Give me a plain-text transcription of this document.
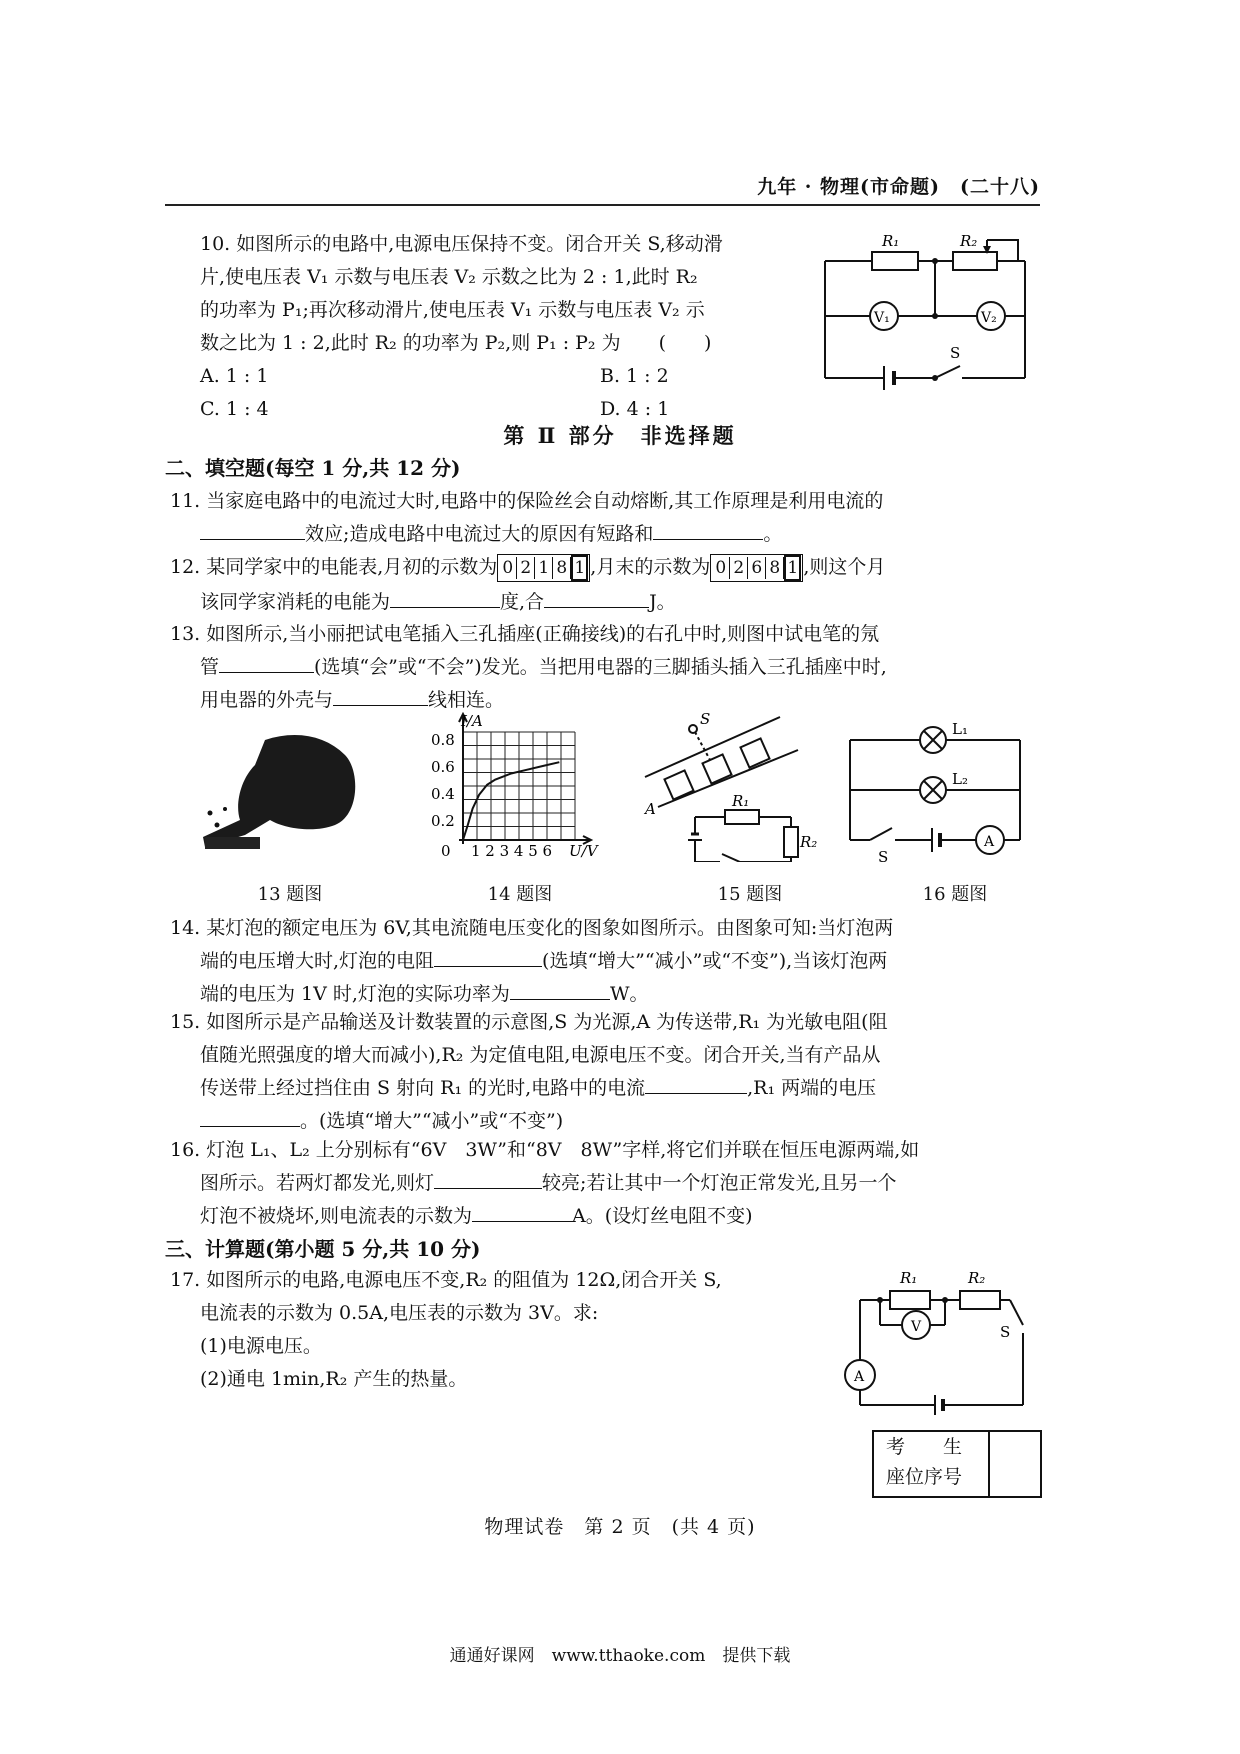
九年 · 物理(市命题)　(二十八)
10. 如图所示的电路中,电源电压保持不变。闭合开关 S,移动滑
片,使电压表 V₁ 示数与电压表 V₂ 示数之比为 2 : 1,此时 R₂
的功率为 P₁;再次移动滑片,使电压表 V₁ 示数与电压表 V₂ 示
数之比为 1 : 2,此时 R₂ 的功率为 P₂,则 P₁ : P₂ 为　　(　　)
A. 1 : 1	B. 1 : 2
C. 1 : 4	D. 4 : 1
R₁	R₂
V₁	V₂
S
第 Ⅱ 部分　非选择题
二、填空题(每空 1 分,共 12 分)
11. 当家庭电路中的电流过大时,电路中的保险丝会自动熔断,其工作原理是利用电流的
效应;造成电路中电流过大的原因有短路和	。
12. 某同学家中的电能表,月初的示数为 0 2 1 8 1 ,月末的示数为 0 2 6 8 1 ,则这个月
该同学家消耗的电能为	度,合	J。
13. 如图所示,当小丽把试电笔插入三孔插座(正确接线)的右孔中时,则图中试电笔的氖
管	(选填“会”或“不会”)发光。当把用电器的三脚插头插入三孔插座中时,
用电器的外壳与	线相连。
I/A
0.8
0.6
0.4
0.2
0 1 2 3 4 5 6 U/V
S
A	R₁
R₂
L₁
L₂
S
A
13 题图	14 题图	15 题图	16 题图
14. 某灯泡的额定电压为 6V,其电流随电压变化的图象如图所示。由图象可知:当灯泡两
端的电压增大时,灯泡的电阻	(选填“增大”“减小”或“不变”),当该灯泡两
端的电压为 1V 时,灯泡的实际功率为	W。
15. 如图所示是产品输送及计数装置的示意图,S 为光源,A 为传送带,R₁ 为光敏电阻(阻
值随光照强度的增大而减小),R₂ 为定值电阻,电源电压不变。闭合开关,当有产品从
传送带上经过挡住由 S 射向 R₁ 的光时,电路中的电流	,R₁ 两端的电压
。(选填“增大”“减小”或“不变”)
16. 灯泡 L₁、L₂ 上分别标有“6V　3W”和“8V　8W”字样,将它们并联在恒压电源两端,如
图所示。若两灯都发光,则灯	较亮;若让其中一个灯泡正常发光,且另一个
灯泡不被烧坏,则电流表的示数为	A。(设灯丝电阻不变)
三、计算题(第小题 5 分,共 10 分)
17. 如图所示的电路,电源电压不变,R₂ 的阻值为 12Ω,闭合开关 S,
电流表的示数为 0.5A,电压表的示数为 3V。求:
(1)电源电压。
(2)通电 1min,R₂ 产生的热量。
R₁	R₂
V
A
S
考　　生
座位序号
物理试卷　第 2 页　(共 4 页)
通通好课网　www.tthaoke.com　提供下载
